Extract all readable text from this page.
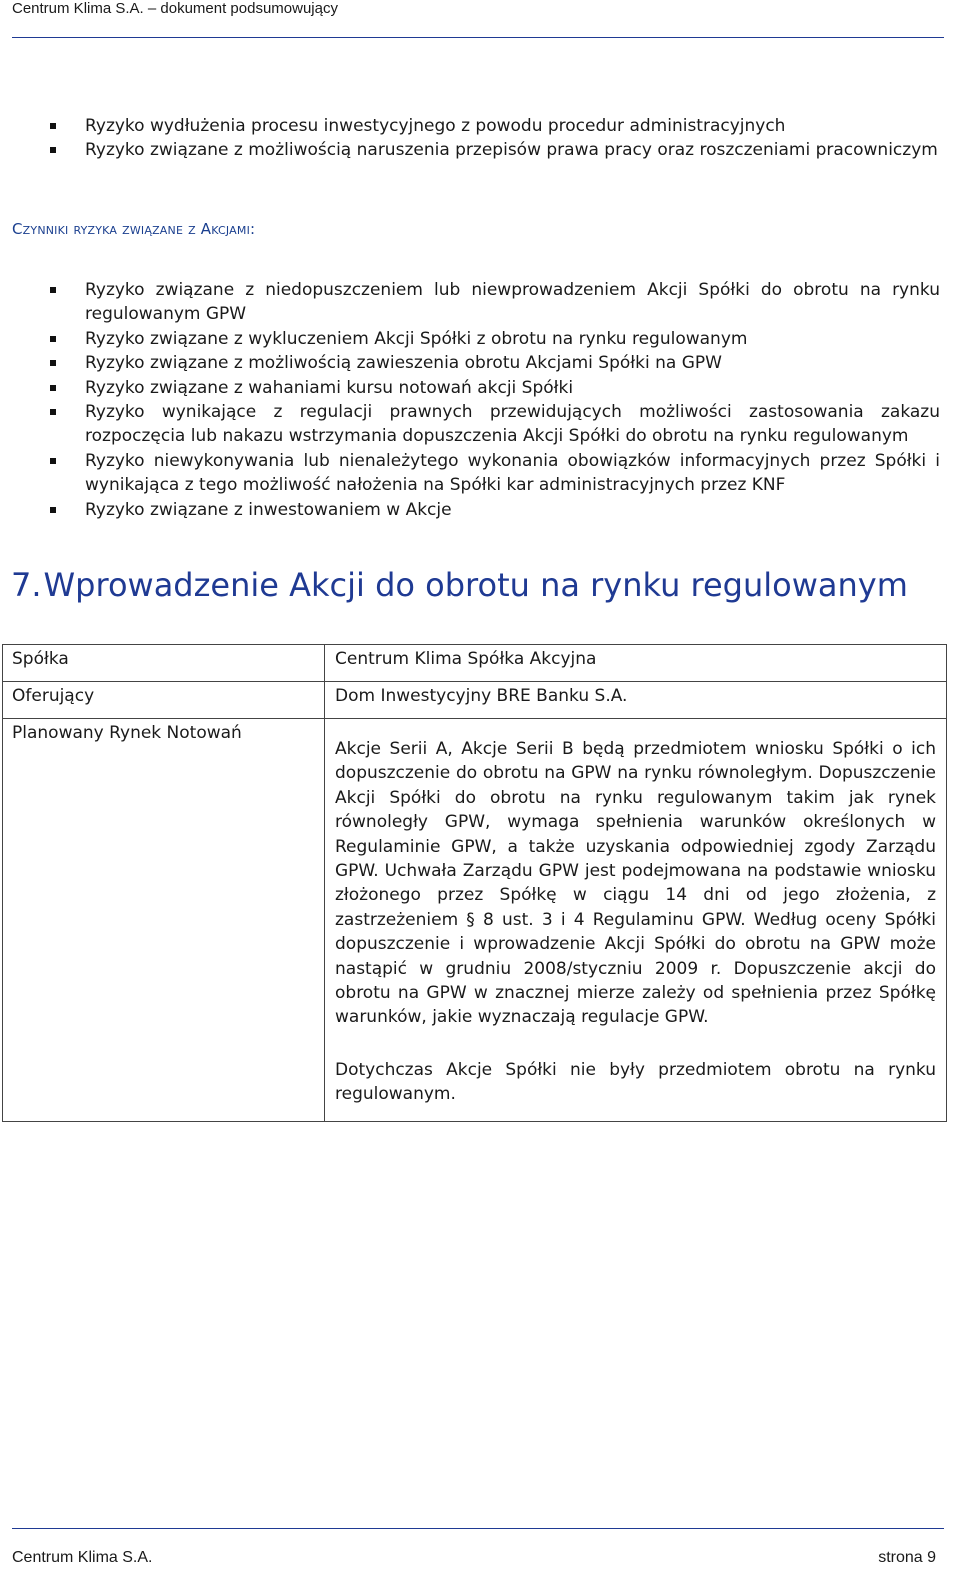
Centrum Klima S.A. – dokument podsumowujący
Ryzyko wydłużenia procesu inwestycyjnego z powodu procedur administracyjnych
Ryzyko związane z możliwością naruszenia przepisów prawa pracy oraz roszczeniami pracowniczym
Czynniki ryzyka związane z Akcjami:
Ryzyko związane z niedopuszczeniem lub niewprowadzeniem Akcji Spółki do obrotu na rynku regulowanym GPW
Ryzyko związane z wykluczeniem Akcji Spółki z obrotu na rynku regulowanym
Ryzyko związane z możliwością zawieszenia obrotu Akcjami Spółki na GPW
Ryzyko związane z wahaniami kursu notowań akcji Spółki
Ryzyko wynikające z regulacji prawnych przewidujących możliwości zastosowania zakazu rozpoczęcia lub nakazu wstrzymania dopuszczenia Akcji Spółki do obrotu na rynku regulowanym
Ryzyko niewykonywania lub nienależytego wykonania obowiązków informacyjnych przez Spółki i wynikająca z tego możliwość nałożenia na Spółki kar administracyjnych przez KNF
Ryzyko związane z inwestowaniem w Akcje
7.Wprowadzenie Akcji do obrotu na rynku regulowanym
Spółka	Centrum Klima Spółka Akcyjna
Oferujący	Dom Inwestycyjny BRE Banku S.A.
Planowany Rynek Notowań	Akcje Serii A, Akcje Serii B będą przedmiotem wniosku Spółki o ich dopuszczenie do obrotu na GPW na rynku równoległym. Dopuszczenie Akcji Spółki do obrotu na rynku regulowanym takim jak rynek równoległy GPW, wymaga spełnienia warunków określonych w Regulaminie GPW, a także uzyskania odpowiedniej zgody Zarządu GPW. Uchwała Zarządu GPW jest podejmowana na podstawie wniosku złożonego przez Spółkę w ciągu 14 dni od jego złożenia, z zastrzeżeniem § 8 ust. 3 i 4 Regulaminu GPW. Według oceny Spółki dopuszczenie i wprowadzenie Akcji Spółki do obrotu na GPW może nastąpić w grudniu 2008/styczniu 2009 r. Dopuszczenie akcji do obrotu na GPW w znacznej mierze zależy od spełnienia przez Spółkę warunków, jakie wyznaczają regulacje GPW.

Dotychczas Akcje Spółki nie były przedmiotem obrotu na rynku regulowanym.

Centrum Klima S.A.	strona 9
